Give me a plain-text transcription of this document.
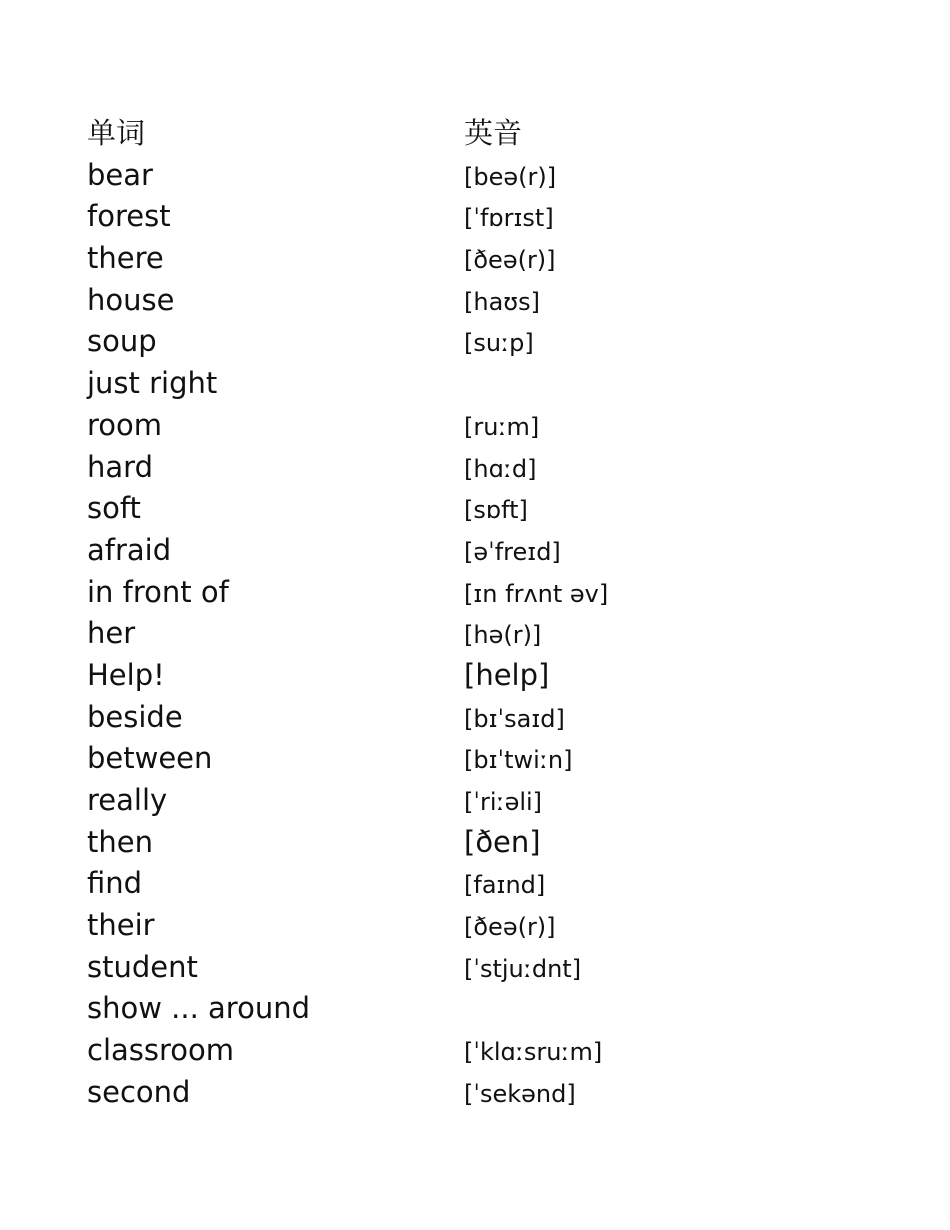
单词	英音
bear	[beə(r)]
forest	[ˈfɒrɪst]
there	[ðeə(r)]
house	[haʊs]
soup	[suːp]
just right
room	[ruːm]
hard	[hɑːd]
soft	[sɒft]
afraid	[əˈfreɪd]
in front of	[ɪn frʌnt əv]
her	[hə(r)]
Help!	[help]
beside	[bɪˈsaɪd]
between	[bɪˈtwiːn]
really	[ˈriːəli]
then	[ðen]
find	[faɪnd]
their	[ðeə(r)]
student	[ˈstjuːdnt]
show ... around
classroom	[ˈklɑːsruːm]
second	[ˈsekənd]
